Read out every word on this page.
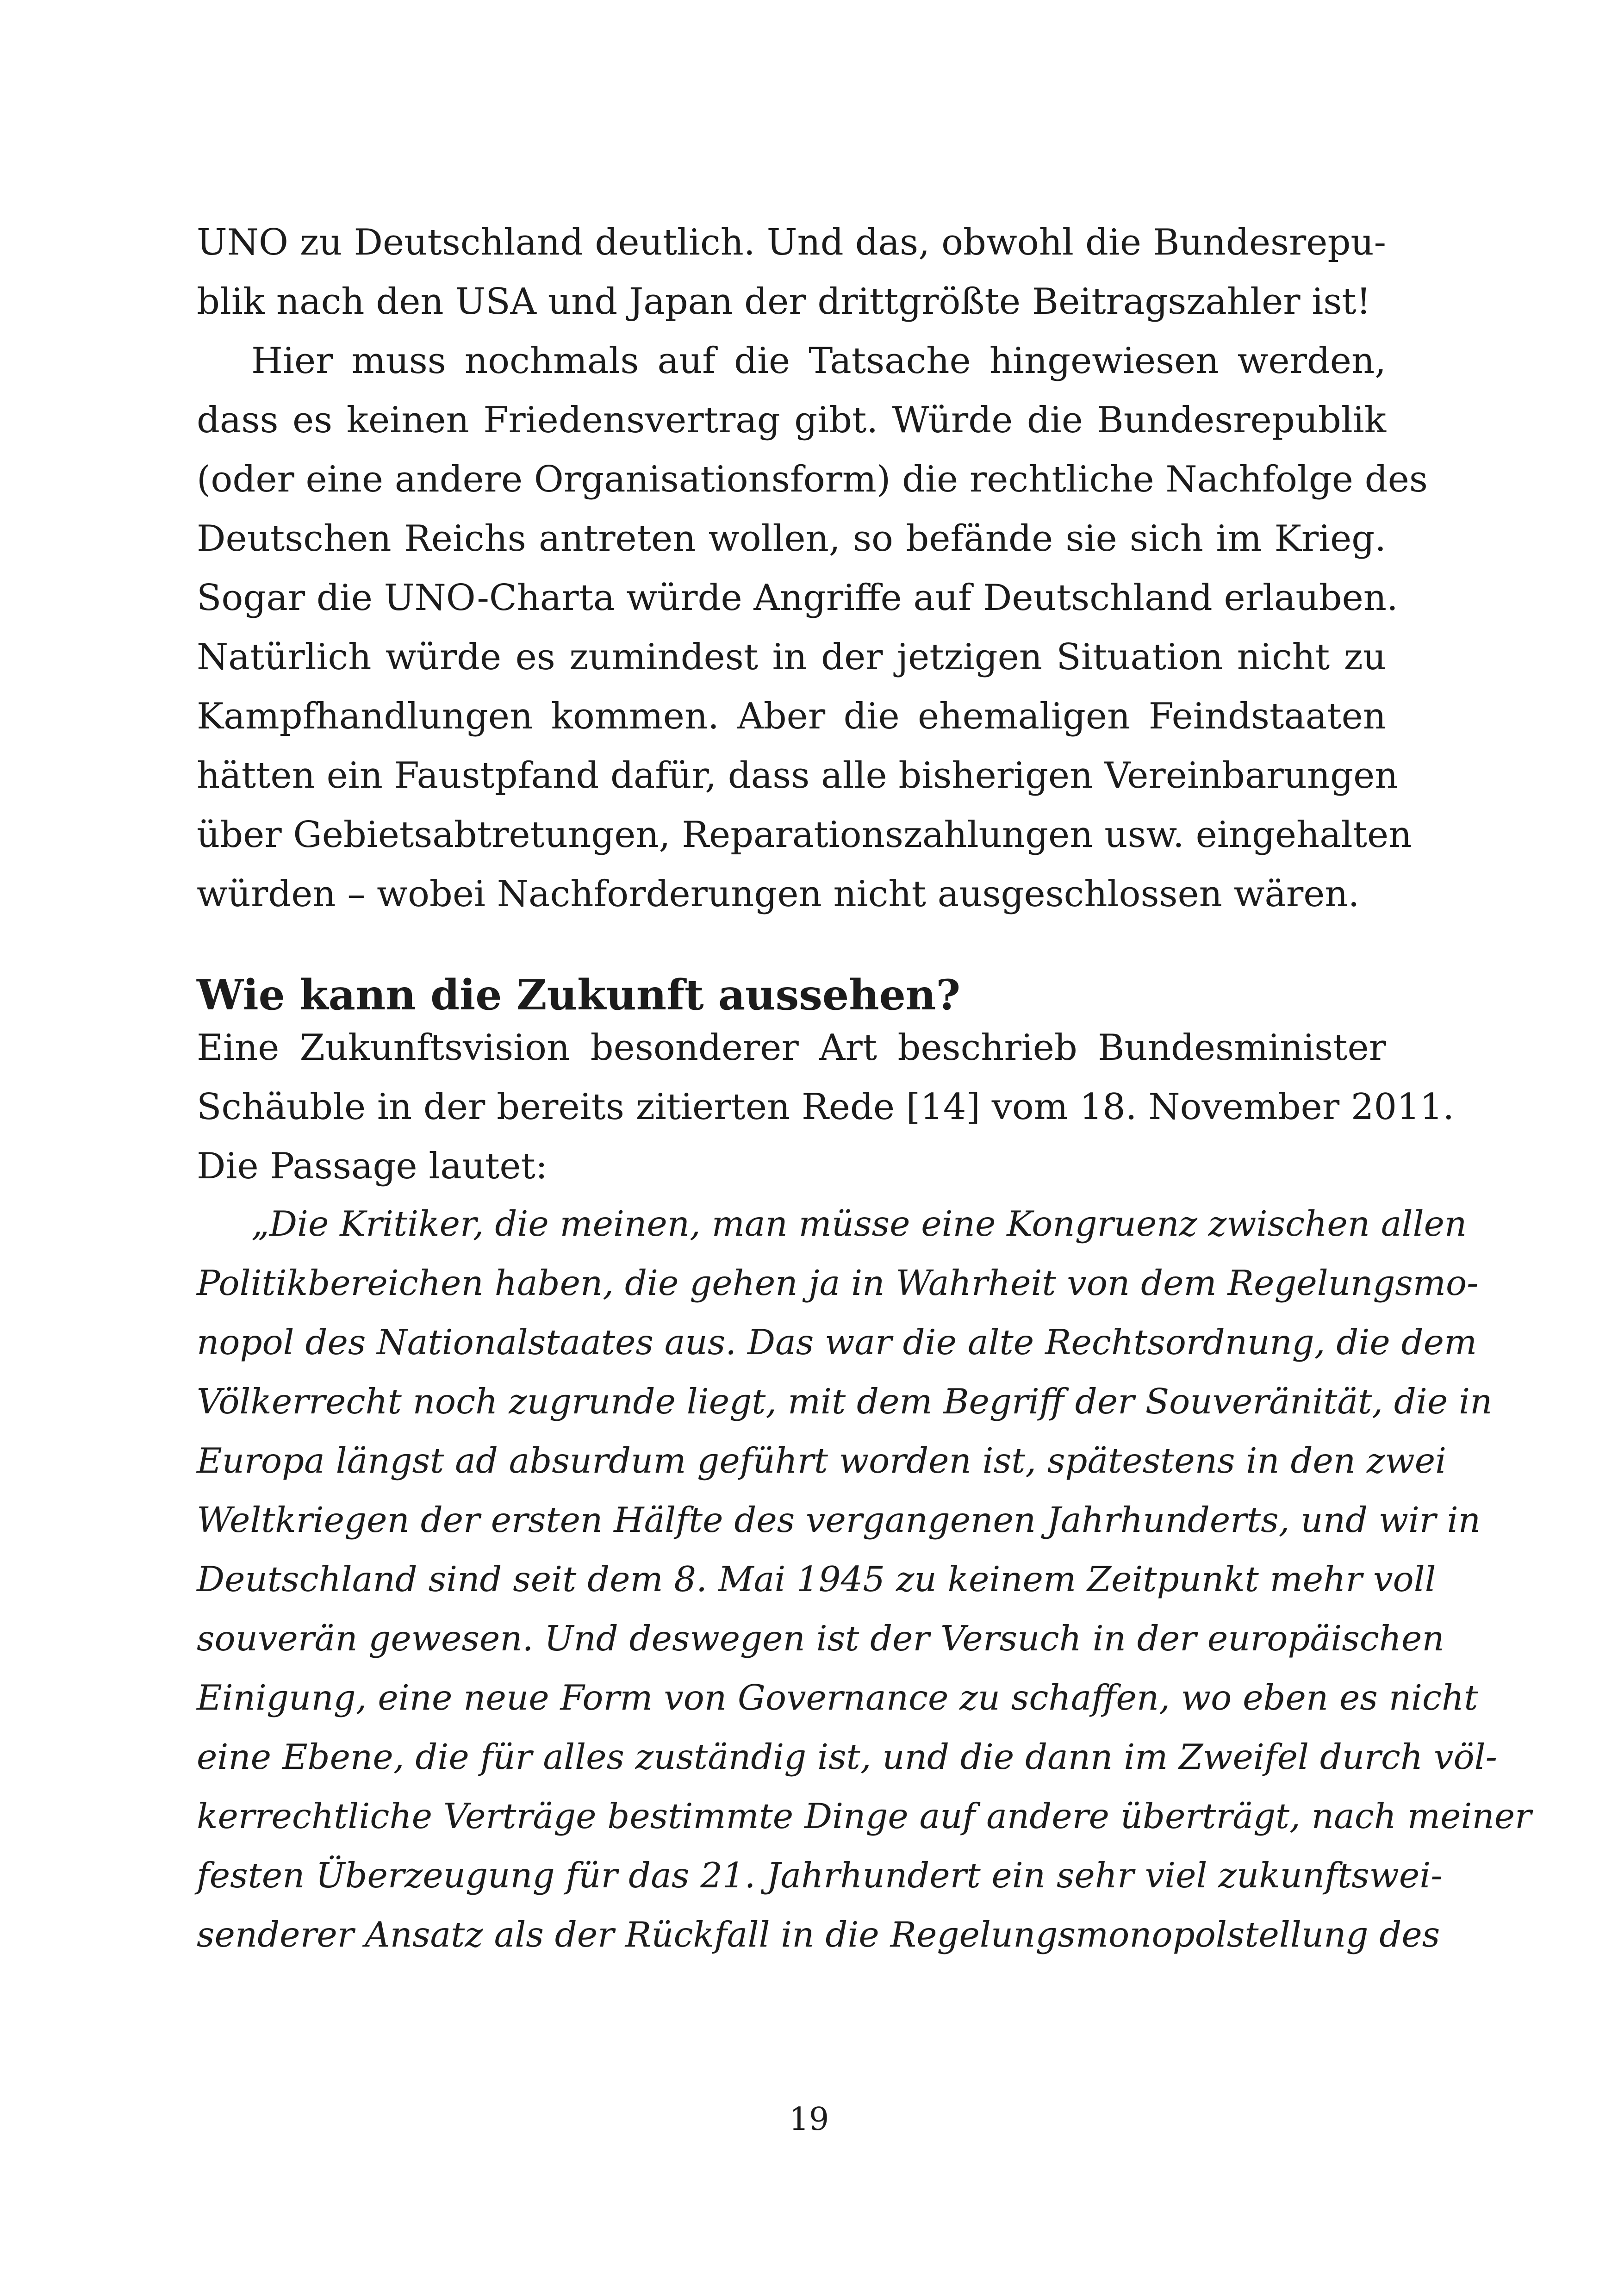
UNO zu Deutschland deutlich. Und das, obwohl die Bundesrepu-
blik nach den USA und Japan der drittgrößte Beitragszahler ist!
Hier muss nochmals auf die Tatsache hingewiesen werden,
dass es keinen Friedensvertrag gibt. Würde die Bundesrepublik
(oder eine andere Organisationsform) die rechtliche Nachfolge des
Deutschen Reichs antreten wollen, so befände sie sich im Krieg.
Sogar die UNO-Charta würde Angriffe auf Deutschland erlauben.
Natürlich würde es zumindest in der jetzigen Situation nicht zu
Kampfhandlungen kommen. Aber die ehemaligen Feindstaaten
hätten ein Faustpfand dafür, dass alle bisherigen Vereinbarungen
über Gebietsabtretungen, Reparationszahlungen usw. eingehalten
würden – wobei Nachforderungen nicht ausgeschlossen wären.
Wie kann die Zukunft aussehen?
Eine Zukunftsvision besonderer Art beschrieb Bundesminister
Schäuble in der bereits zitierten Rede [14] vom 18. November 2011.
Die Passage lautet:
„Die Kritiker, die meinen, man müsse eine Kongruenz zwischen allen
Politikbereichen haben, die gehen ja in Wahrheit von dem Regelungsmo-
nopol des Nationalstaates aus. Das war die alte Rechtsordnung, die dem
Völkerrecht noch zugrunde liegt, mit dem Begriff der Souveränität, die in
Europa längst ad absurdum geführt worden ist, spätestens in den zwei
Weltkriegen der ersten Hälfte des vergangenen Jahrhunderts, und wir in
Deutschland sind seit dem 8. Mai 1945 zu keinem Zeitpunkt mehr voll
souverän gewesen. Und deswegen ist der Versuch in der europäischen
Einigung, eine neue Form von Governance zu schaffen, wo eben es nicht
eine Ebene, die für alles zuständig ist, und die dann im Zweifel durch völ-
kerrechtliche Verträge bestimmte Dinge auf andere überträgt, nach meiner
festen Überzeugung für das 21. Jahrhundert ein sehr viel zukunftswei-
senderer Ansatz als der Rückfall in die Regelungsmonopolstellung des
19
